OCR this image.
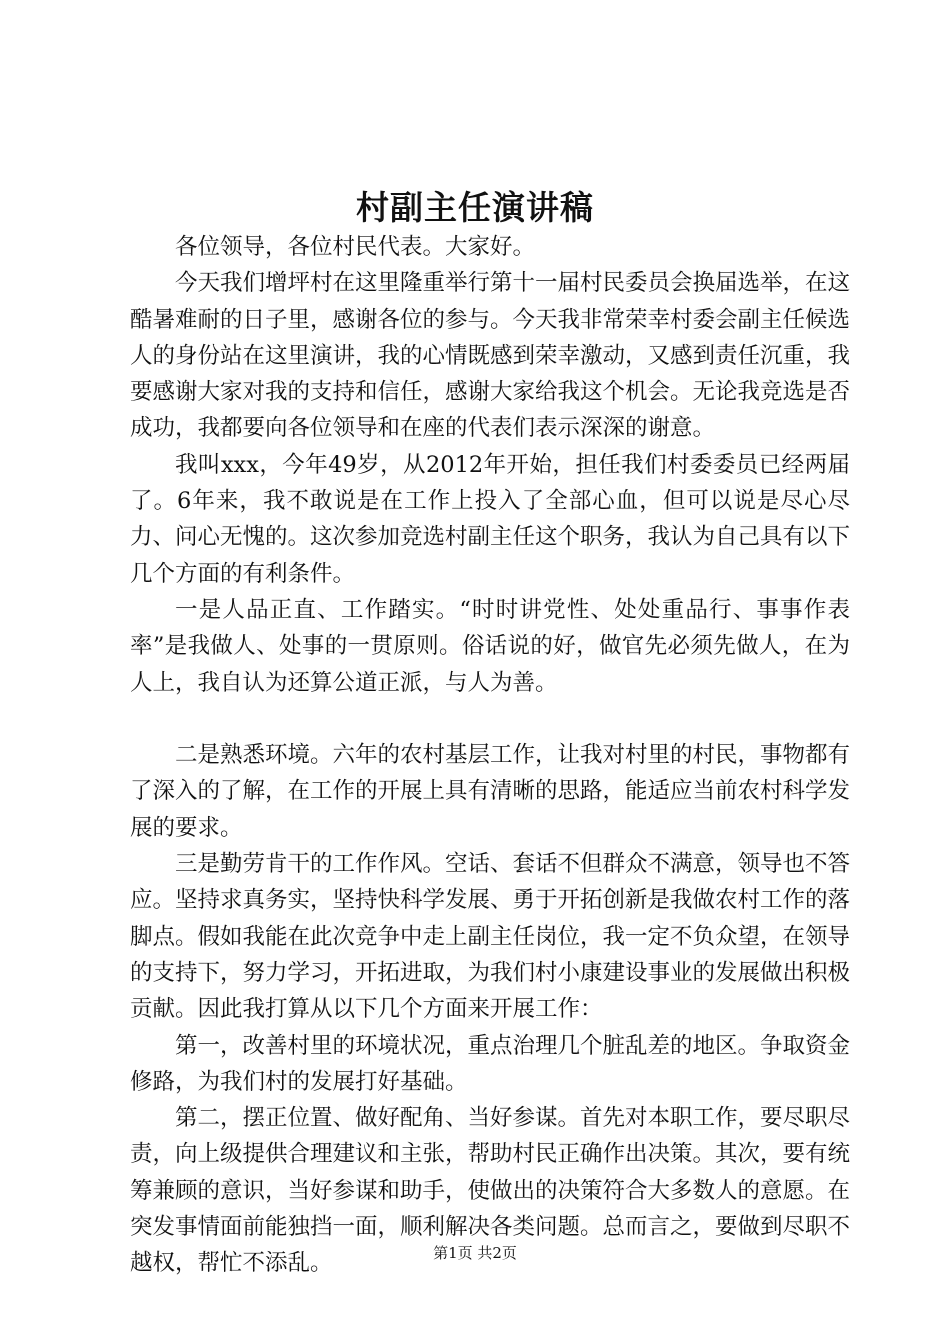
村副主任演讲稿

各位领导，各位村民代表。大家好。

今天我们增坪村在这里隆重举行第十一届村民委员会换届选举，在这酷暑难耐的日子里，感谢各位的参与。今天我非常荣幸村委会副主任候选人的身份站在这里演讲，我的心情既感到荣幸激动，又感到责任沉重，我要感谢大家对我的支持和信任，感谢大家给我这个机会。无论我竞选是否成功，我都要向各位领导和在座的代表们表示深深的谢意。

我叫xxx，今年49岁，从2012年开始，担任我们村委委员已经两届了。6年来，我不敢说是在工作上投入了全部心血，但可以说是尽心尽力、问心无愧的。这次参加竞选村副主任这个职务，我认为自己具有以下几个方面的有利条件。

一是人品正直、工作踏实。“时时讲党性、处处重品行、事事作表率”是我做人、处事的一贯原则。俗话说的好，做官先必须先做人，在为人上，我自认为还算公道正派，与人为善。

二是熟悉环境。六年的农村基层工作，让我对村里的村民，事物都有了深入的了解，在工作的开展上具有清晰的思路，能适应当前农村科学发展的要求。

三是勤劳肯干的工作作风。空话、套话不但群众不满意，领导也不答应。坚持求真务实，坚持快科学发展、勇于开拓创新是我做农村工作的落脚点。假如我能在此次竞争中走上副主任岗位，我一定不负众望，在领导的支持下，努力学习，开拓进取，为我们村小康建设事业的发展做出积极贡献。因此我打算从以下几个方面来开展工作：

第一，改善村里的环境状况，重点治理几个脏乱差的地区。争取资金修路，为我们村的发展打好基础。

第二，摆正位置、做好配角、当好参谋。首先对本职工作，要尽职尽责，向上级提供合理建议和主张，帮助村民正确作出决策。其次，要有统筹兼顾的意识，当好参谋和助手，使做出的决策符合大多数人的意愿。在突发事情面前能独挡一面，顺利解决各类问题。总而言之，要做到尽职不越权，帮忙不添乱。	第1页 共2页
